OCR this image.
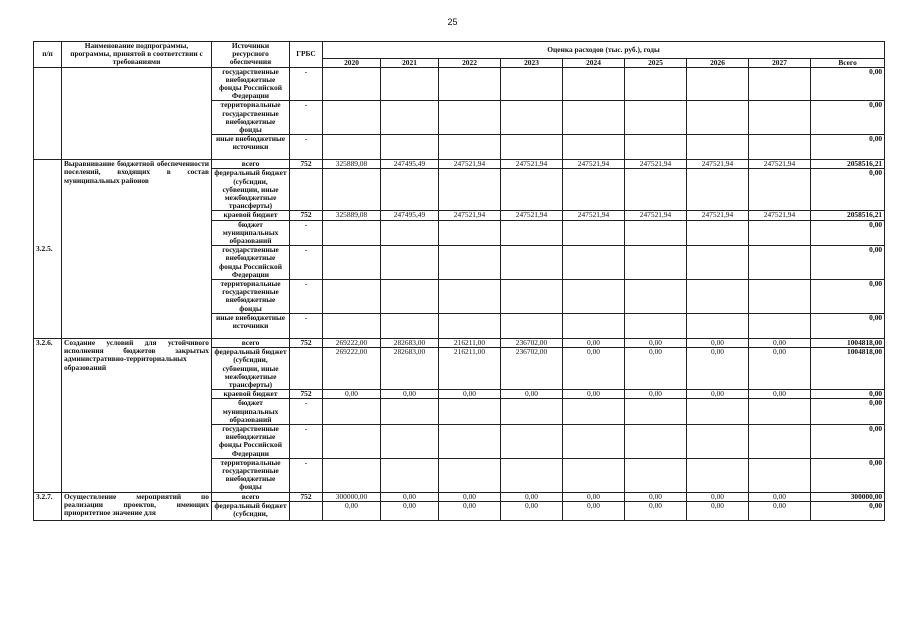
25
п/п	Наименование подпрограммы, программы, принятой в соответствии с требованиями	Источники ресурсного обеспечения	ГРБС	Оценка расходов (тыс. руб.), годы								
				2020	2021	2022	2023	2024	2025	2026	2027	Всего
		государственные внебюджетные фонды Российской Федерации	-									0,00
		территориальные государственные внебюджетные фонды	-									0,00
		иные внебюджетные источники	-									0,00
3.2.5.	Выравнивание бюджетной обеспеченности поселений, входящих в состав муниципальных районов	всего	752	325889,08	247495,49	247521,94	247521,94	247521,94	247521,94	247521,94	247521,94	2058516,21
		федеральный бюджет (субсидии, субвенции, иные межбюджетные трансферты)										0,00
		краевой бюджет	752	325889,08	247495,49	247521,94	247521,94	247521,94	247521,94	247521,94	247521,94	2058516,21
		бюджет муниципальных образований	-									0,00
		государственные внебюджетные фонды Российской Федерации	-									0,00
		территориальные государственные внебюджетные фонды	-									0,00
		иные внебюджетные источники	-									0,00
3.2.6.	Создание условий для устойчивого исполнения бюджетов закрытых административно-территориальных образований	всего	752	269222,00	282683,00	216211,00	236702,00	0,00	0,00	0,00	0,00	1004818,00
		федеральный бюджет (субсидии, субвенции, иные межбюджетные трансферты)		269222,00	282683,00	216211,00	236702,00	0,00	0,00	0,00	0,00	1004818,00
		краевой бюджет	752	0,00	0,00	0,00	0,00	0,00	0,00	0,00	0,00	0,00
		бюджет муниципальных образований	-									0,00
		государственные внебюджетные фонды Российской Федерации	-									0,00
		территориальные государственные внебюджетные фонды	-									0,00
3.2.7.	Осуществление мероприятий по реализации проектов, имеющих приоритетное значение для	всего	752	300000,00	0,00	0,00	0,00	0,00	0,00	0,00	0,00	300000,00
		федеральный бюджет (субсидии,		0,00	0,00	0,00	0,00	0,00	0,00	0,00	0,00	0,00
